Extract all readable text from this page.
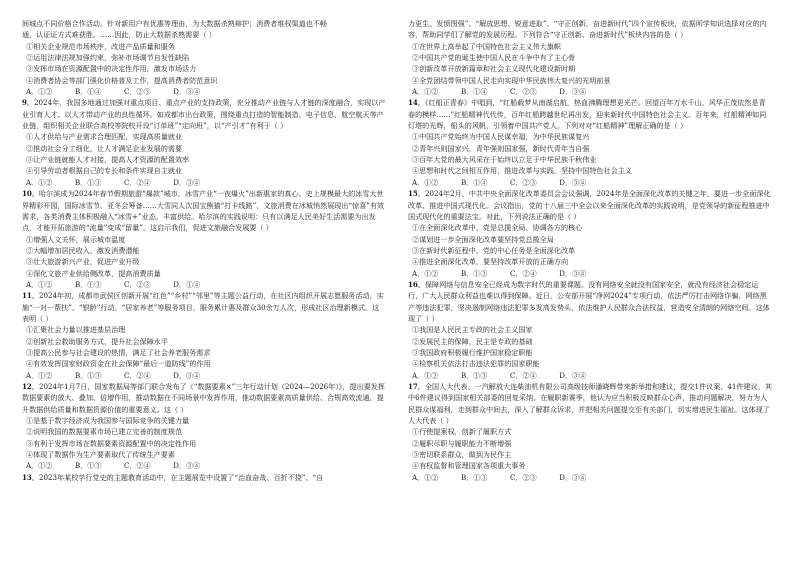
间城点不同价格合作活动。针对新用户有优惠等理由，为大数据杀熟辩护；消费者维权渠道也不畅
通，认证证方式难获胜。……因此，防止大数据杀熟需要（ ）
①相关企业规范市场秩序，改进产品质量和服务
②运用法律法规加强约束，弥补市场调节自发性缺陷
③发挥市场在资源配置中的决定性作用，激发市场活力
④消费者协会等部门强化价格普及工作，提高消费者防范意识
A．①②          B．①④          C．②③          D．③④
9．2024年，我国多地通过加强对重点项目、重点产业的支持政策，充分推动产业链与人才链的深度融合，实现以产业引育人才、以人才带动产业的良性循环。如成都市出台政策，围绕重点打造的智能制造、电子信息、航空航天等产业链，组织相关企业联合高校等院校开设“订单班”“定向班”，以“产引才”有利于（ ）
①人才供给与产业需求合理匹配，实现高质量就业
②推动社会分工细化，让人才满足企业发展的需要
③让产业链就能人才对接，提高人才资源的配置效率
④引导劳动者根据自己的专长和条件实现自主就业
A．①②          B．①③          C．②④          D．③④
10．哈尔滨成为2024年春节假期旅游“爆款”城市，冰雪产业“一夜爆火”出新惠家的真心。史上规模最大的冰雪大世界精彩开园，国际冰雪节、亚冬会筹备……大雪同人次国宝熊猫“打卡线路”，文旅消费在冰城悄然展现出“惊喜”有效需求，各类消费主体积极融入“冰雪+”业态，丰富供给。哈尔滨的实践说明：只有以满足人民美好生活需要为出发点，才能开拓旅游的“流量”变成“留量”。这启示我们，促进文旅融合发展要（ ）
①增强人文关怀，展示城市温度
②大幅增加居民收入，激发消费潜能
③壮大旅游新兴产业，促进产业升级
④深化文旅产业供给侧改革，提高消费质量
A．①②          B．①③          C．②③          D．①④
11．2024年初，成都市武侯区创新开展“红色”“乡村”“邻里”等主题公益行动，在社区内组织开展志愿服务活动，实施“一对一帮扶”、“银龄”行动、“居家养老”等服务项目，服务累计惠及群众30余万人次，形成社区治理新模式。这表明（ ）
①汇聚社会力量以推进基层治理
②创新社会救助服务方式，提升社会保障水平
③提高公民参与社会建设的热情，满足了社会养老服务需求
④有效发挥国家财政资金在社会保障“最后一道防线”的作用
A．①②          B．①③          C．②④          D．③④
12．2024年1月7日，国家数据局等部门联合发布了《“数据要素×”三年行动计划（2024—2026年）》，提出要发挥数据要素的放大、叠加、倍增作用，推动数据在不同场景中发挥作用，推动数据要素高质量供给、合规高效流通，提升数据供给质量和数据资源价值的重要意义。这（ ）
①是基于数字经济成为我国参与国际竞争的关键力量
②说明我国的数据要素市场已建立完善的制度规范
③有利于发挥市场在数据要素资源配置中的决定性作用
④体现了数据作为生产要素取代了传统生产要素
A．①②          B．①③          C．②④          D．③④
13．2023年某校学行党史的主题教育活动中，在主题展览中设置了“治血奋战、百折不挠”、“自
力更生、发愤图强”、“解放思想、锐意进取”、“守正创新、奋进新时代”四个宣传板块，依据所学知识选择对应的内容，帮助同学们了解党的发展历程。下列符合“守正创新、奋进新时代”板块内容的是（ ）
①在世界上高举起了中国特色社会主义伟大旗帜
②中国共产党的诞生使中国人民在斗争中有了主心骨
③创新改革开放新篇章和社会主义现代化建设新时期
④全党团结带领中国人民走向实现中华民族伟大复兴的光明前景
A．①②          B．①④          C．②③          D．③④
14．《红船正青春》中唱到，“红船载梦从南湖启航，热血沸腾理想更光芒。回望百年万水千山，风华正茂依然是青春的模样……”红船精神代代传，百年红船跨越世纪再出发，迎来新时代中国特色社会主义。百年来，红船精神如同灯塔的光辉，船头的风帆，引领着中国共产党人。下列对对“红船精神”理解正确的是（ ）
①中国共产党始终为中国人民谋幸福，为中华民族谋复兴
②青年兴则国家兴，青年强则国家强，新时代青年当自强
③百年大党的最大风采在于始终以立足于中华民族千秋伟业
④思想和时代之间相互作用，推进改革与实践，坚持中国特色社会主义
A．①②          B．①④          C．②③          D．③④
15．2024年2月，中共中央全面深化改革委员会会议强调，2024年是全面深化改革的关键之年，要进一步全面深化改革、推进中国式现代化。会议指出，党的十八届三中全会以来全面深化改革的实践说明，是党领导的新征程推进中国式现代化的重要法宝。对此，下列说法正确的是（ ）
①在全面深化改革中，党是总揽全局、协调各方的核心
②谋划进一步全面深化改革要坚持党总揽全局
③在新时代新征程中，党的中心任务是全面深化改革
④推进全面深化改革，要坚持改革开放的正确方向
A．①②          B．①③          C．②④          D．③④
16．保障网络与信息安全已经成为数字时代的重要课题。没有网络安全就没有国家安全，就没有经济社会稳定运行，广大人民群众利益也难以得到保障。近日，公安部开展“净网2024”专项行动，依法严厉打击网络诈骗、网络黑产等违法犯罪，坚决遏制网络违法犯罪多发高发势头，依法维护人民群众合法权益，营造安全清朗的网络空间。这体现了（ ）
①我国是人民民主专政的社会主义国家
②发展民主的保障，民主是专政的基础
③我国政府积极履行维护国家稳定职能
④检察机关依法打击违法犯罪的国家职能
A．①②          B．①③          C．②④          D．③④
17．全国人大代表、一汽解放大连柴油机有限公司高级技师潘晓辉带来新举措和建议，提交1件议案、41件建议，其中6件建议得到国家相关部委的回复采纳。在履职新赛季，他认为应当积极反映群众心声，推动问题解决，努力为人民群众谋福利，走到群众中间去，深入了解群众诉求，并把相关问题提交至有关部门，切实增进民生福祉。这体现了人大代表（ ）
①行使提案权，创新了履职方式
②履职尽职与履职能力不断增强
③密切联系群众，做到为民作主
④有权监督和管理国家各项重大事务
A．①②          B．①③          C．②③          D．③④
